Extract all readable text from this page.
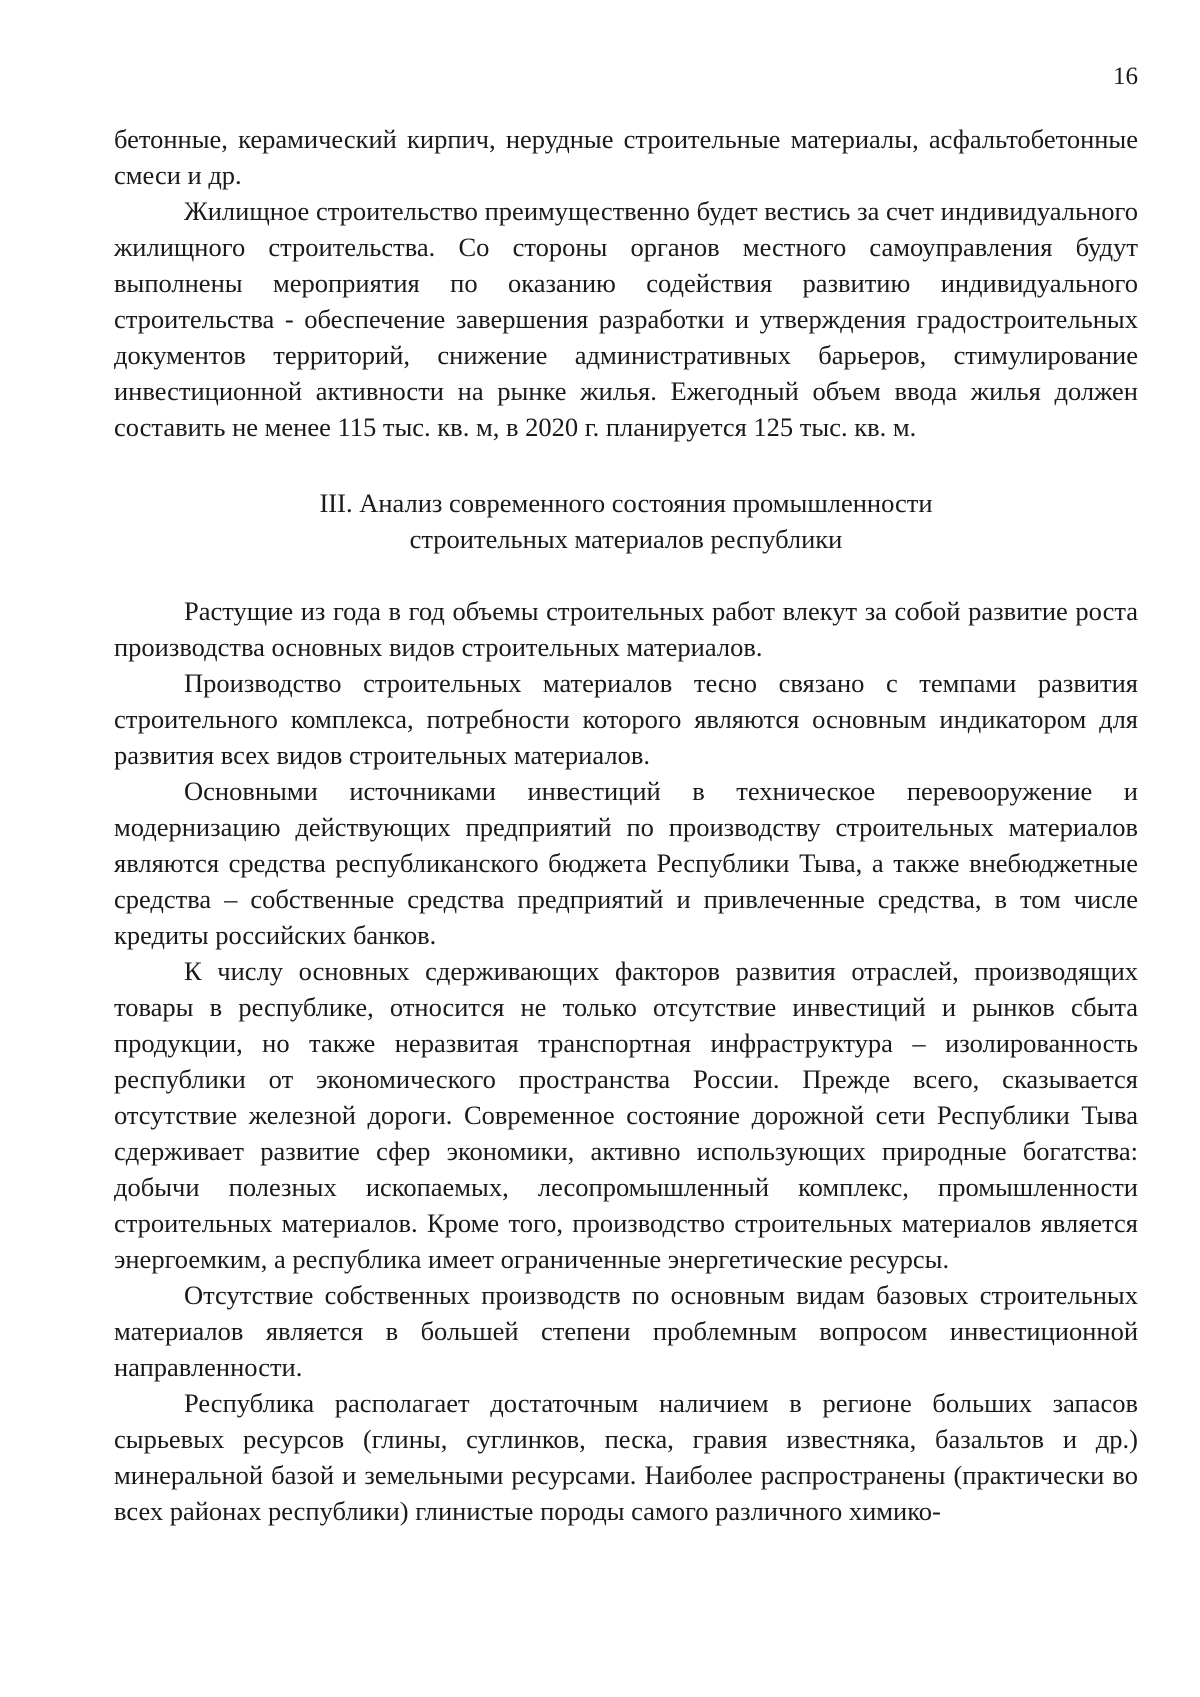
16

бетонные, керамический кирпич, нерудные строительные материалы, асфальтобетонные смеси и др.

Жилищное строительство преимущественно будет вестись за счет индивидуального жилищного строительства. Со стороны органов местного самоуправления будут выполнены мероприятия по оказанию содействия развитию индивидуального строительства - обеспечение завершения разработки и утверждения градостроительных документов территорий, снижение административных барьеров, стимулирование инвестиционной активности на рынке жилья. Ежегодный объем ввода жилья должен составить не менее 115 тыс. кв. м, в 2020 г. планируется 125 тыс. кв. м.

III. Анализ современного состояния промышленности
строительных материалов республики

Растущие из года в год объемы строительных работ влекут за собой развитие роста производства основных видов строительных материалов.

Производство строительных материалов тесно связано с темпами развития строительного комплекса, потребности которого являются основным индикатором для развития всех видов строительных материалов.

Основными источниками инвестиций в техническое перевооружение и модернизацию действующих предприятий по производству строительных материалов являются средства республиканского бюджета Республики Тыва, а также внебюджетные средства – собственные средства предприятий и привлеченные средства, в том числе кредиты российских банков.

К числу основных сдерживающих факторов развития отраслей, производящих товары в республике, относится не только отсутствие инвестиций и рынков сбыта продукции, но также неразвитая транспортная инфраструктура – изолированность республики от экономического пространства России. Прежде всего, сказывается отсутствие железной дороги. Современное состояние дорожной сети Республики Тыва сдерживает развитие сфер экономики, активно использующих природные богатства: добычи полезных ископаемых, лесопромышленный комплекс, промышленности строительных материалов. Кроме того, производство строительных материалов является энергоемким, а республика имеет ограниченные энергетические ресурсы.

Отсутствие собственных производств по основным видам базовых строительных материалов является в большей степени проблемным вопросом инвестиционной направленности.

Республика располагает достаточным наличием в регионе больших запасов сырьевых ресурсов (глины, суглинков, песка, гравия известняка, базальтов и др.) минеральной базой и земельными ресурсами. Наиболее распространены (практически во всех районах республики) глинистые породы самого различного химико-
